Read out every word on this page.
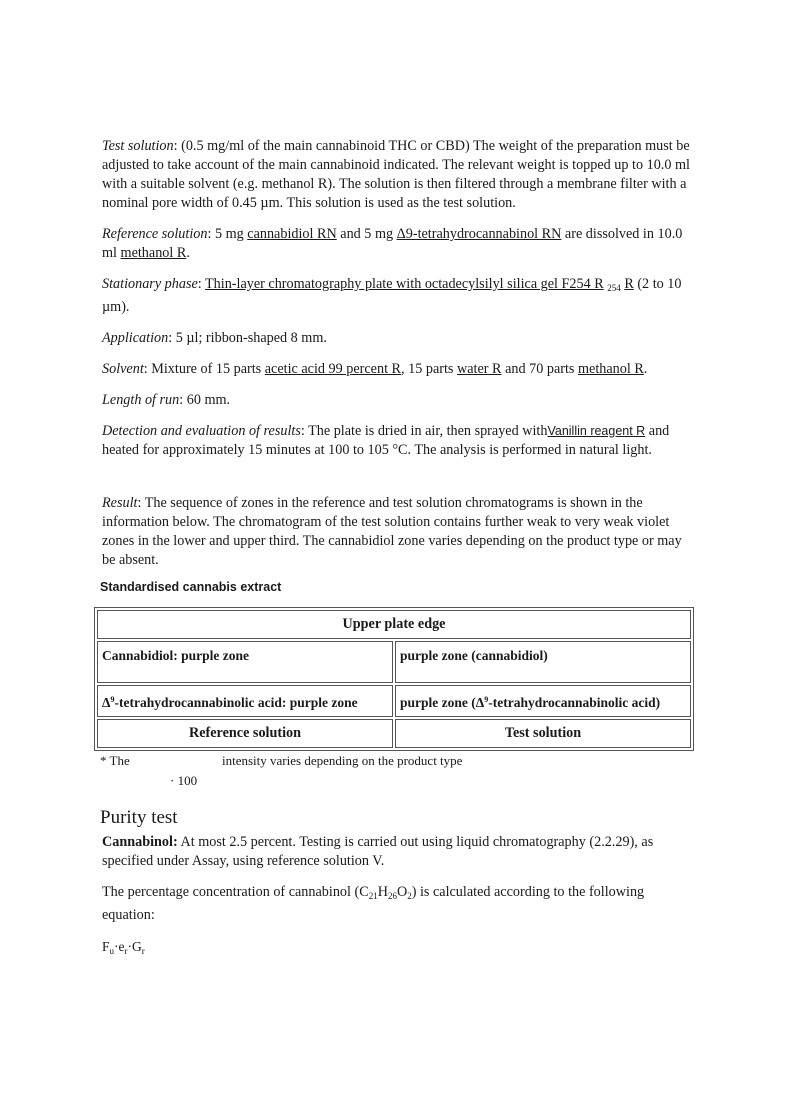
Test solution: (0.5 mg/ml of the main cannabinoid THC or CBD) The weight of the preparation must be adjusted to take account of the main cannabinoid indicated. The relevant weight is topped up to 10.0 ml with a suitable solvent (e.g. methanol R). The solution is then filtered through a membrane filter with a nominal pore width of 0.45 µm. This solution is used as the test solution.

Reference solution: 5 mg cannabidiol RN and 5 mg Δ9-tetrahydrocannabinol RN are dissolved in 10.0 ml methanol R.

Stationary phase: Thin-layer chromatography plate with octadecylsilyl silica gel F254 R $_{254}$ R (2 to 10 µm).

Application: 5 µl; ribbon-shaped 8 mm.

Solvent: Mixture of 15 parts acetic acid 99 percent R, 15 parts water R and 70 parts methanol R.

Length of run: 60 mm.

Detection and evaluation of results: The plate is dried in air, then sprayed withVanillin reagent R and heated for approximately 15 minutes at 100 to 105 °C. The analysis is performed in natural light.

Result: The sequence of zones in the reference and test solution chromatograms is shown in the information below. The chromatogram of the test solution contains further weak to very weak violet zones in the lower and upper third. The cannabidiol zone varies depending on the product type or may be absent.

Standardised cannabis extract
Upper plate edge	
Cannabidiol: purple zone	purple zone (cannabidiol)
$\Delta^9$-tetrahydrocannabinolic acid: purple zone	purple zone ($\Delta^9$-tetrahydrocannabinolic acid)
Reference solution	Test solution
* The	intensity varies depending on the product type
· 100
Purity test

Cannabinol: At most 2.5 percent. Testing is carried out using liquid chromatography (2.2.29), as specified under Assay, using reference solution V.

The percentage concentration of cannabinol $(C_{21}H_{26}O_2)$ is calculated according to the following equation:

$F_u\cdot e_r\cdot G_r$
